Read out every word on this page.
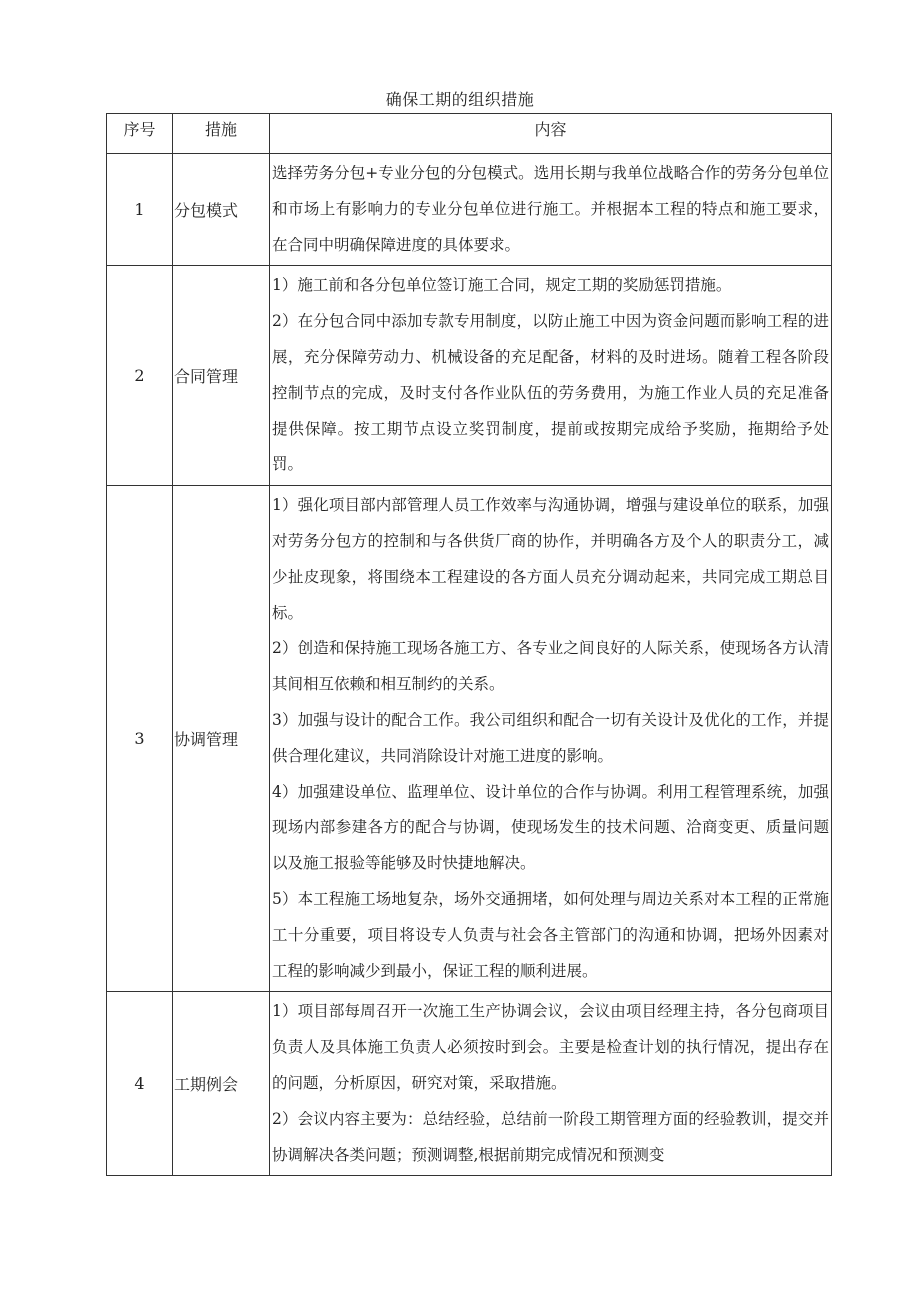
确保工期的组织措施
序号	措施	内容
1	分包模式	选择劳务分包+专业分包的分包模式。选用长期与我单位战略合作的劳务分包单位和市场上有影响力的专业分包单位进行施工。并根据本工程的特点和施工要求，在合同中明确保障进度的具体要求。

2	合同管理	1）施工前和各分包单位签订施工合同，规定工期的奖励惩罚措施。

2）在分包合同中添加专款专用制度，以防止施工中因为资金问题而影响工程的进展，充分保障劳动力、机械设备的充足配备，材料的及时进场。随着工程各阶段控制节点的完成，及时支付各作业队伍的劳务费用，为施工作业人员的充足准备提供保障。按工期节点设立奖罚制度，提前或按期完成给予奖励，拖期给予处罚。

3	协调管理	1）强化项目部内部管理人员工作效率与沟通协调，增强与建设单位的联系，加强对劳务分包方的控制和与各供货厂商的协作，并明确各方及个人的职责分工，减少扯皮现象，将围绕本工程建设的各方面人员充分调动起来，共同完成工期总目标。

2）创造和保持施工现场各施工方、各专业之间良好的人际关系，使现场各方认清其间相互依赖和相互制约的关系。

3）加强与设计的配合工作。我公司组织和配合一切有关设计及优化的工作，并提供合理化建议，共同消除设计对施工进度的影响。

4）加强建设单位、监理单位、设计单位的合作与协调。利用工程管理系统，加强现场内部参建各方的配合与协调，使现场发生的技术问题、洽商变更、质量问题以及施工报验等能够及时快捷地解决。

5）本工程施工场地复杂，场外交通拥堵，如何处理与周边关系对本工程的正常施工十分重要，项目将设专人负责与社会各主管部门的沟通和协调，把场外因素对工程的影响减少到最小，保证工程的顺利进展。

4	工期例会	1）项目部每周召开一次施工生产协调会议，会议由项目经理主持，各分包商项目负责人及具体施工负责人必须按时到会。主要是检查计划的执行情况，提出存在的问题，分析原因，研究对策，采取措施。

2）会议内容主要为：总结经验，总结前一阶段工期管理方面的经验教训，提交并协调解决各类问题；预测调整,根据前期完成情况和预测变
